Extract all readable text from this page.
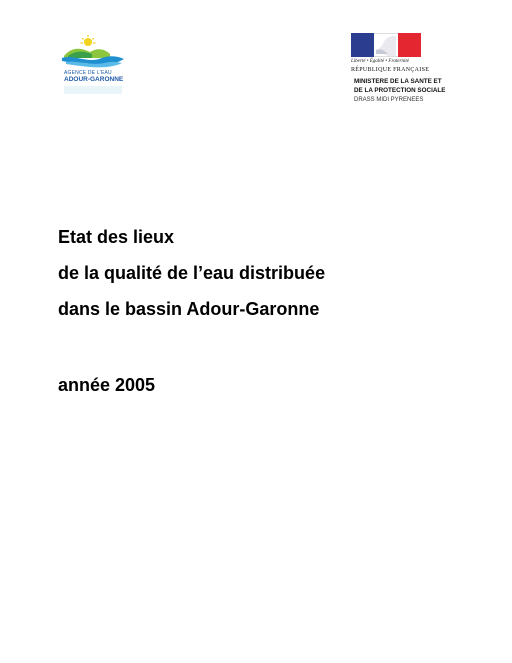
AGENCE DE L'EAU
ADOUR-GARONNE
Liberté • Égalité • Fraternité
RÉPUBLIQUE FRANÇAISE
MINISTERE DE LA SANTE ET
DE LA PROTECTION SOCIALE
DRASS MIDI PYRENEES
Etat des lieux
de la qualité de l’eau distribuée
dans le bassin Adour-Garonne
année 2005
